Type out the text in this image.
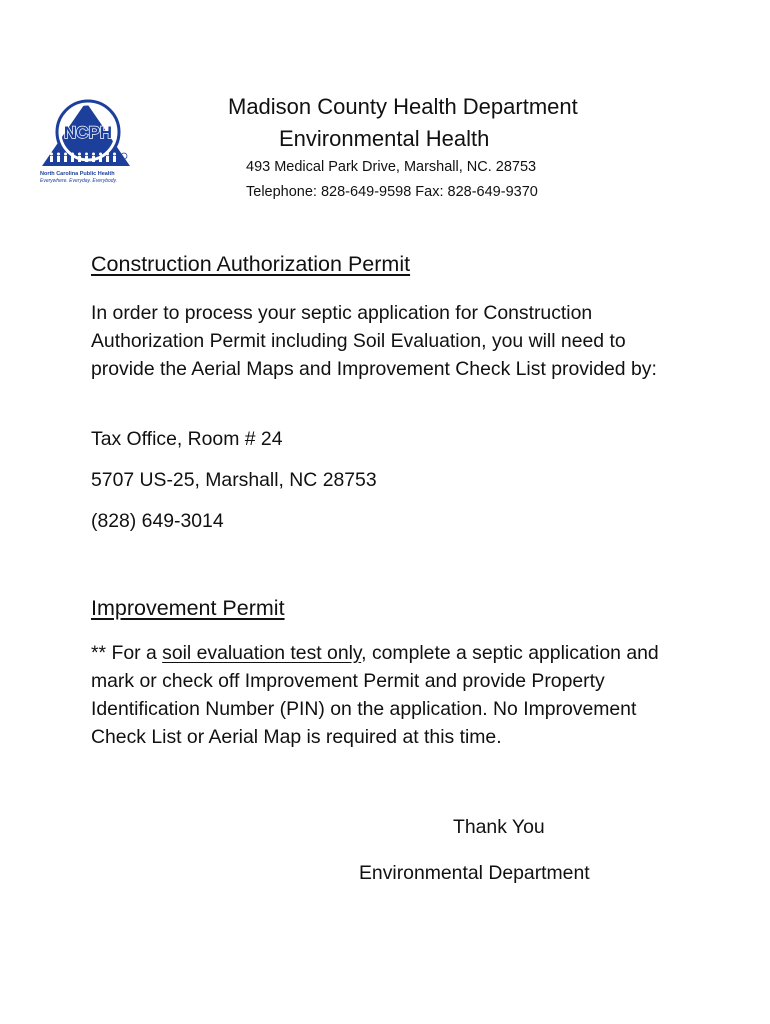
NCPH
North Carolina Public Health
Everywhere. Everyday. Everybody.
Madison County Health Department
Environmental Health
493 Medical Park Drive, Marshall, NC. 28753
Telephone: 828-649-9598 Fax: 828-649-9370
Construction Authorization Permit

In order to process your septic application for Construction Authorization Permit including Soil Evaluation, you will need to provide the Aerial Maps and Improvement Check List provided by:

Tax Office, Room # 24
5707 US-25, Marshall, NC 28753
(828) 649-3014
Improvement Permit

** For a soil evaluation test only, complete a septic application and mark or check off Improvement Permit and provide Property Identification Number (PIN) on the application. No Improvement Check List or Aerial Map is required at this time.

Thank You
Environmental Department
